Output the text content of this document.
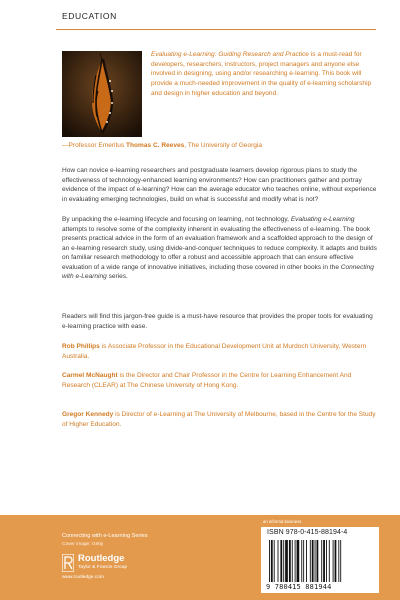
EDUCATION
Evaluating e-Learning: Guiding Research and Practice is a must-read for developers, researchers, instructors, project managers and anyone else involved in designing, using and/or researching e-learning. This book will provide a much-needed improvement in the quality of e-learning scholarship and design in higher education and beyond.
—Professor Emeritus Thomas C. Reeves, The University of Georgia
How can novice e-learning researchers and postgraduate learners develop rigorous plans to study the effectiveness of technology-enhanced learning environments? How can practitioners gather and portray evidence of the impact of e-learning? How can the average educator who teaches online, without experience in evaluating emerging technologies, build on what is successful and modify what is not?
By unpacking the e-learning lifecycle and focusing on learning, not technology, Evaluating e-Learning attempts to resolve some of the complexity inherent in evaluating the effectiveness of e-learning. The book presents practical advice in the form of an evaluation framework and a scaffolded approach to the design of an e-learning research study, using divide-and-conquer techniques to reduce complexity. It adapts and builds on familiar research methodology to offer a robust and accessible approach that can ensure effective evaluation of a wide range of innovative initiatives, including those covered in other books in the Connecting with e-Learning series.
Readers will find this jargon-free guide is a must-have resource that provides the proper tools for evaluating e-learning practice with ease.
Rob Phillips is Associate Professor in the Educational Development Unit at Murdoch University, Western Australia.
Carmel McNaught is the Director and Chair Professor in the Centre for Learning Enhancement And Research (CLEAR) at The Chinese University of Hong Kong.
Gregor Kennedy is Director of e-Learning at The University of Melbourne, based in the Centre for the Study of Higher Education.
Connecting with e-Learning Series
Cover image: Getty
Routledge
Taylor & Francis Group
www.routledge.com
an informa business
ISBN 978-0-415-88194-4
9 780415 881944
